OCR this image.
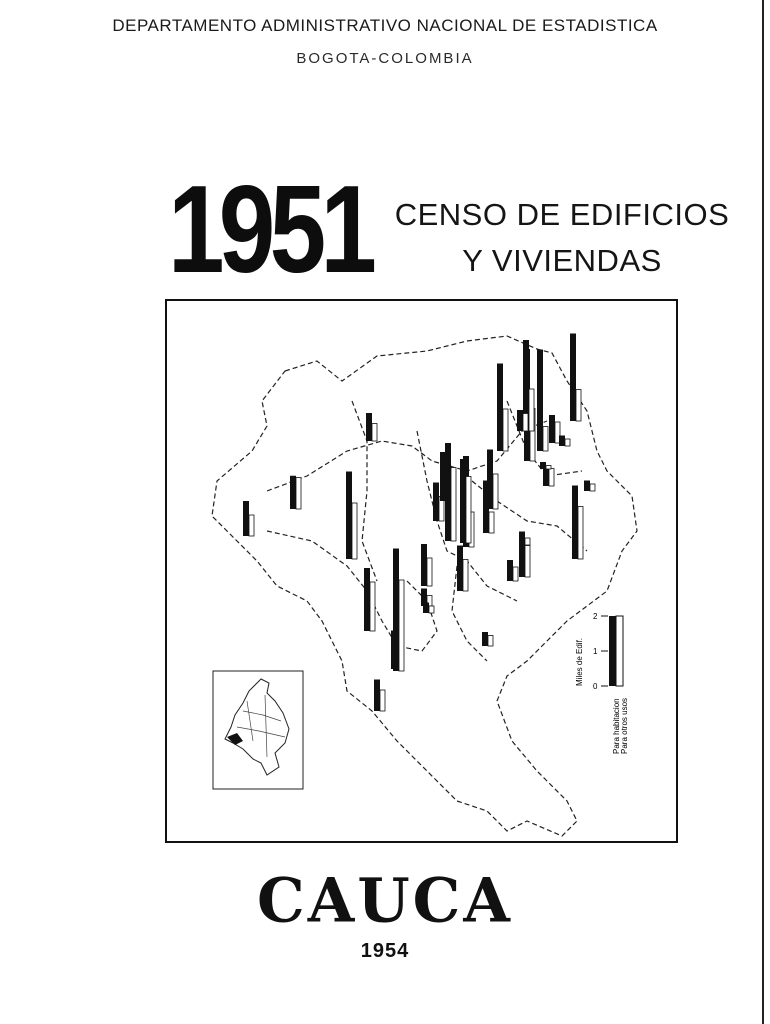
DEPARTAMENTO ADMINISTRATIVO NACIONAL DE ESTADISTICA
BOGOTA-COLOMBIA
1951 CENSO DE EDIFICIOS
Y VIVIENDAS
Miles de Edif.
2
1
0
Para habitacion Para otros usos
CAUCA
1954
